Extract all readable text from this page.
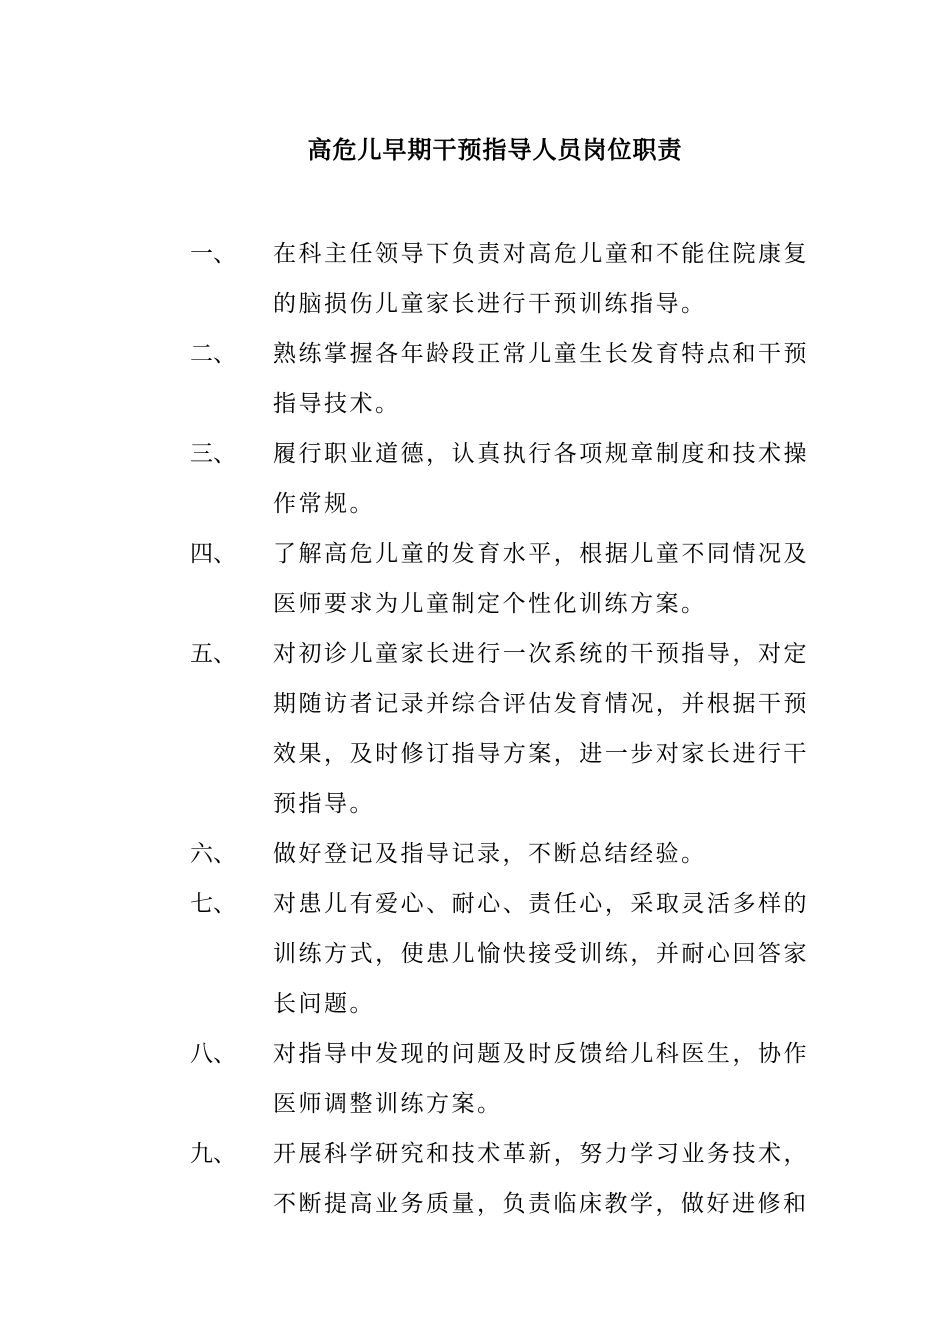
高危儿早期干预指导人员岗位职责
一、 在科主任领导下负责对高危儿童和不能住院康复的脑损伤儿童家长进行干预训练指导。
二、 熟练掌握各年龄段正常儿童生长发育特点和干预指导技术。
三、 履行职业道德，认真执行各项规章制度和技术操作常规。
四、 了解高危儿童的发育水平，根据儿童不同情况及医师要求为儿童制定个性化训练方案。
五、 对初诊儿童家长进行一次系统的干预指导，对定期随访者记录并综合评估发育情况，并根据干预效果，及时修订指导方案，进一步对家长进行干预指导。
六、 做好登记及指导记录，不断总结经验。
七、 对患儿有爱心、耐心、责任心，采取灵活多样的训练方式，使患儿愉快接受训练，并耐心回答家长问题。
八、 对指导中发现的问题及时反馈给儿科医生，协作医师调整训练方案。
九、 开展科学研究和技术革新，努力学习业务技术，不断提高业务质量，负责临床教学，做好进修和
